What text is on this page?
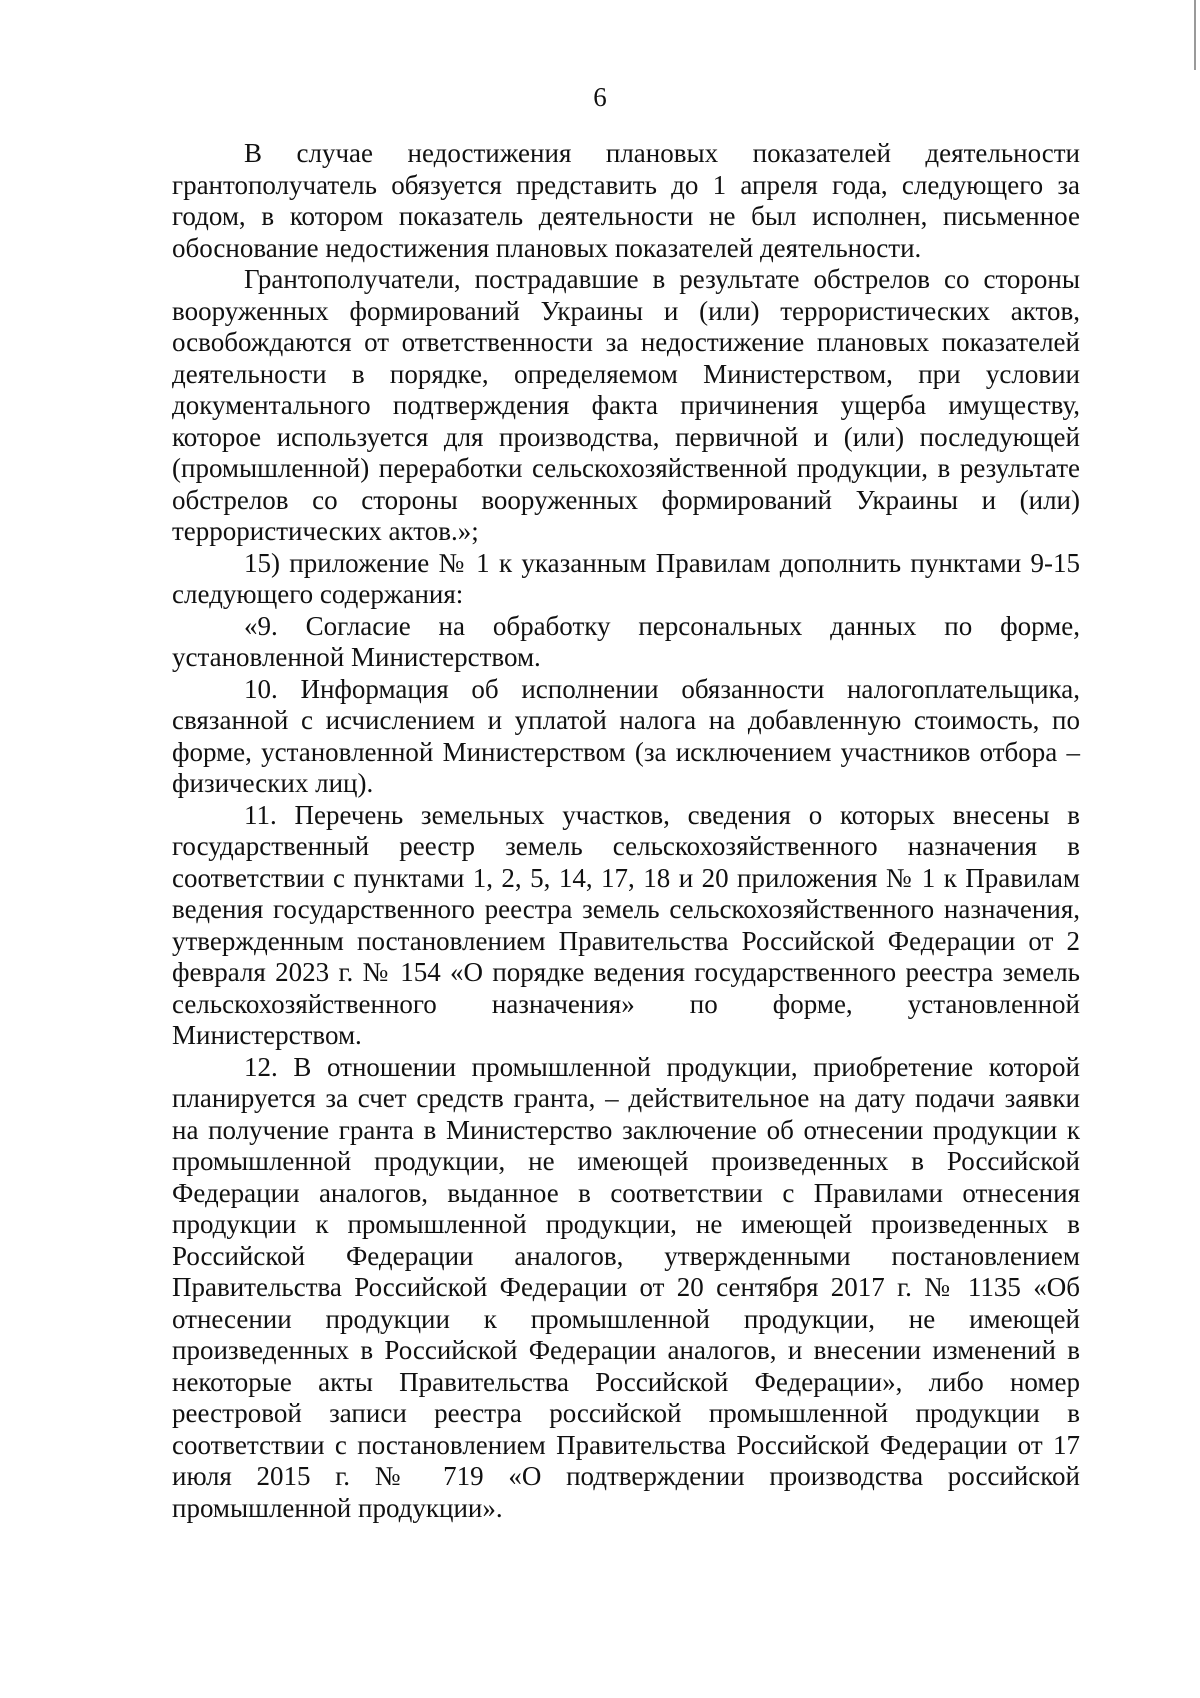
6

В случае недостижения плановых показателей деятельности грантополучатель обязуется представить до 1 апреля года, следующего за годом, в котором показатель деятельности не был исполнен, письменное обоснование недостижения плановых показателей деятельности.

Грантополучатели, пострадавшие в результате обстрелов со стороны вооруженных формирований Украины и (или) террористических актов, освобождаются от ответственности за недостижение плановых показателей деятельности в порядке, определяемом Министерством, при условии документального подтверждения факта причинения ущерба имуществу, которое используется для производства, первичной и (или) последующей (промышленной) переработки сельскохозяйственной продукции, в результате обстрелов со стороны вооруженных формирований Украины и (или) террористических актов.»;

15) приложение № 1 к указанным Правилам дополнить пунктами 9-15 следующего содержания:

«9. Согласие на обработку персональных данных по форме, установленной Министерством.

10. Информация об исполнении обязанности налогоплательщика, связанной с исчислением и уплатой налога на добавленную стоимость, по форме, установленной Министерством (за исключением участников отбора – физических лиц).

11. Перечень земельных участков, сведения о которых внесены в государственный реестр земель сельскохозяйственного назначения в соответствии с пунктами 1, 2, 5, 14, 17, 18 и 20 приложения № 1 к Правилам ведения государственного реестра земель сельскохозяйственного назначения, утвержденным постановлением Правительства Российской Федерации от 2 февраля 2023 г. № 154 «О порядке ведения государственного реестра земель сельскохозяйственного назначения» по форме, установленной Министерством.

12. В отношении промышленной продукции, приобретение которой планируется за счет средств гранта, – действительное на дату подачи заявки на получение гранта в Министерство заключение об отнесении продукции к промышленной продукции, не имеющей произведенных в Российской Федерации аналогов, выданное в соответствии с Правилами отнесения продукции к промышленной продукции, не имеющей произведенных в Российской Федерации аналогов, утвержденными постановлением Правительства Российской Федерации от 20 сентября 2017 г. № 1135 «Об отнесении продукции к промышленной продукции, не имеющей произведенных в Российской Федерации аналогов, и внесении изменений в некоторые акты Правительства Российской Федерации», либо номер реестровой записи реестра российской промышленной продукции в соответствии с постановлением Правительства Российской Федерации от 17 июля 2015 г. № 719 «О подтверждении производства российской промышленной продукции».
